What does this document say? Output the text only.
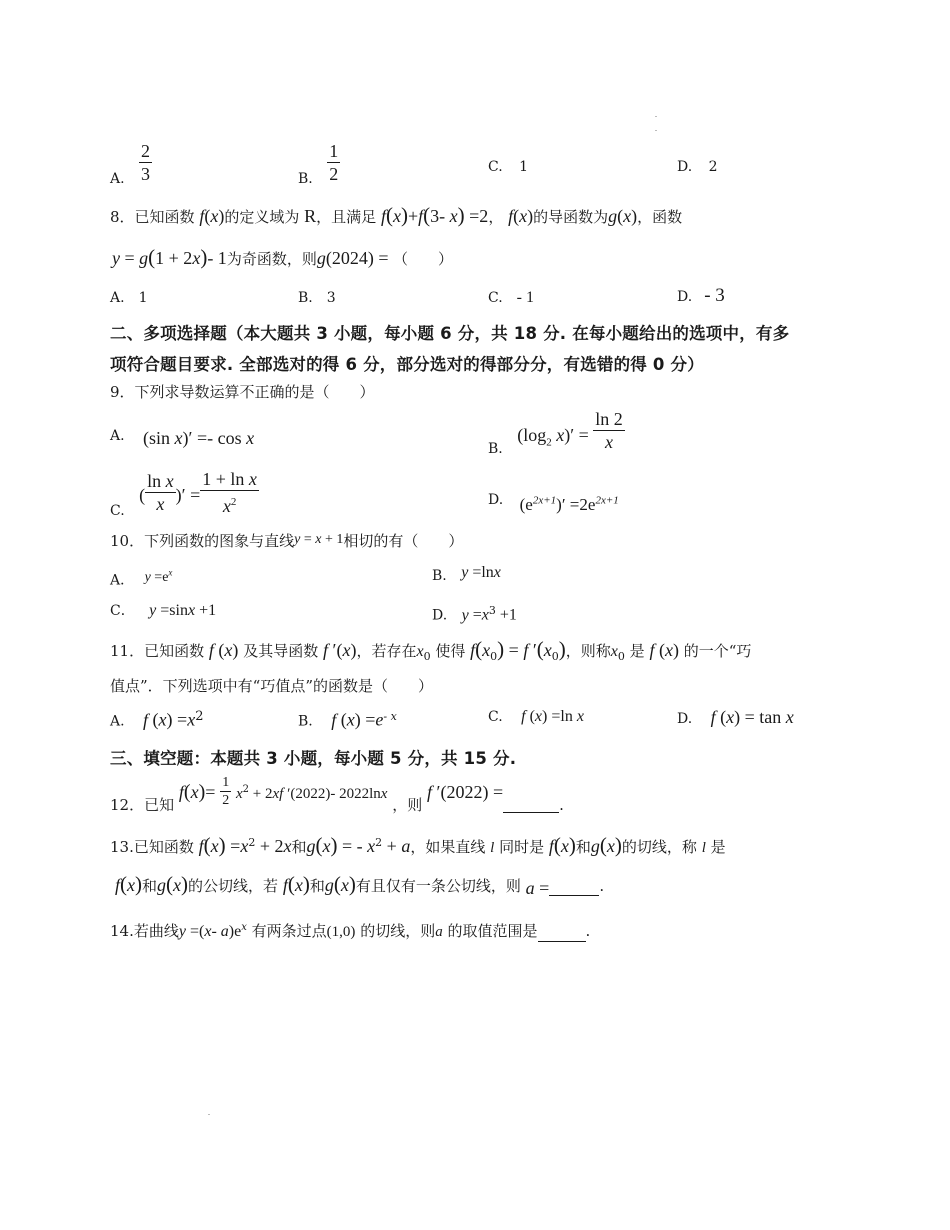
A. $\frac{2}{3}$	B. $\frac{1}{2}$	C. 1	D. 2
8．已知函数 f(x)的定义域为 R，且满足 f(x)+f(3- x) =2， f(x)的导函数为g(x)，函数
y = g(1 + 2x)- 1为奇函数，则g(2024) = （　　）
A. 1	B. 3	C. - 1	D. - 3
二、多项选择题（本大题共 3 小题，每小题 6 分，共 18 分. 在每小题给出的选项中，有多
项符合题目要求. 全部选对的得 6 分，部分选对的得部分分，有选错的得 0 分）
9．下列求导数运算不正确的是（　　）
A. (sin x)′ =- cos x
B. ($\log_2$ $x)' = \frac{\ln 2}{x}$
C. ( $\frac{\text{ln x}}{x}$ )′ = $\frac{\text{1 + ln x}}{x^2}$	D. $(e^{2x+1})' =2e^{2x+1}$
10．下列函数的图象与直线y = x + 1相切的有（　　）
A． $y =e^x$	B. y =lnx
C． y =sinx +1	D. $y =x^3 +1$
11．已知函数 f (x) 及其导函数 f ′(x)，若存在$x_0$ 使得 $f(x_0) = f$ $'(x_0)$，则称$x_0$ 是 f (x) 的一个“巧
值点”．下列选项中有“巧值点”的函数是（　　）
A. f $(x) =x^2$	B. f $(x) =e^{- x}$	C. f (x) =ln x	D. f (x) = tan x
三、填空题：本题共 3 小题，每小题 5 分，共 15 分.
12．已知 $f(x)= \frac{1}{2} x^2 + 2xf$ ′(2022)- 2022lnx ，则 f ′(2022) =.
13.已知函数 $f(x) =x^2 + 2x$和g(x) = - $x^2 + a$，如果直线 l 同时是 f(x)和g(x)的切线，称 l 是
f(x)和g(x)的公切线，若 f(x)和g(x)有且仅有一条公切线，则 a =	.
14.若曲线y =(x- $a)e^x$ 有两条过点(1,0) 的切线，则a 的取值范围是	.
